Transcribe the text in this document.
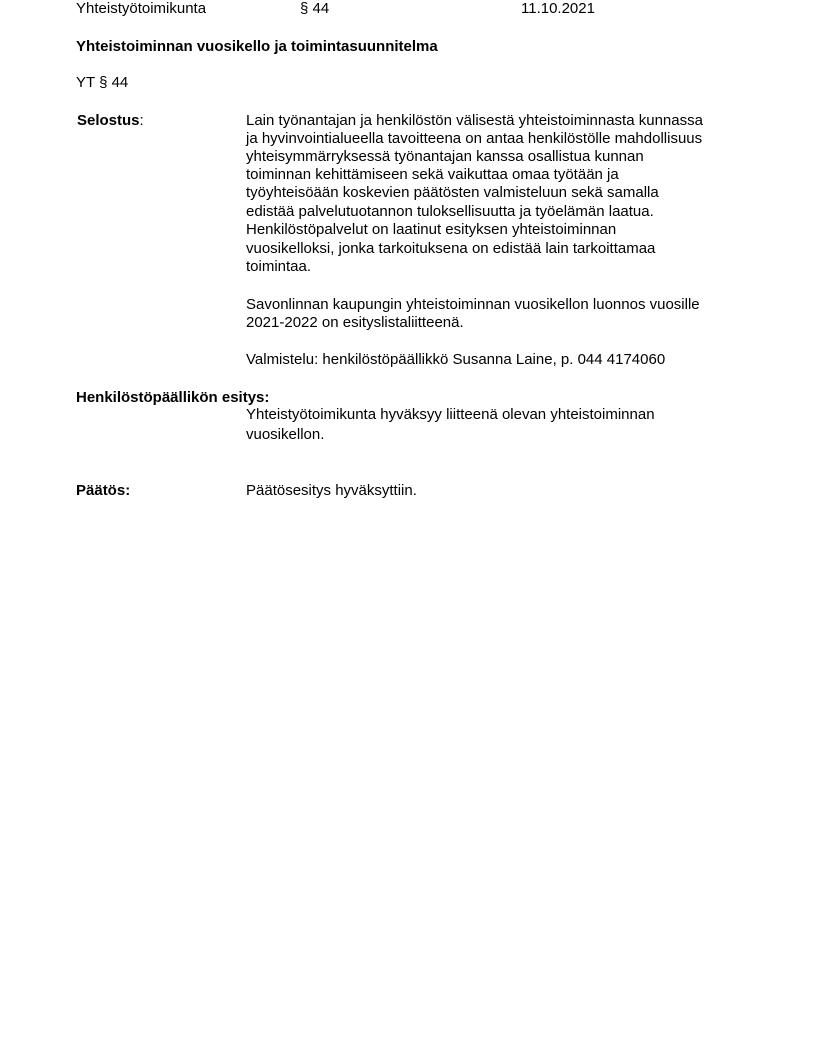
Yhteistyötoimikunta	§ 44	11.10.2021
Yhteistoiminnan vuosikello ja toimintasuunnitelma
YT § 44
Selostus:	Lain työnantajan ja henkilöstön välisestä yhteistoiminnasta kunnassa
ja hyvinvointialueella tavoitteena on antaa henkilöstölle mahdollisuus
yhteisymmärryksessä työnantajan kanssa osallistua kunnan
toiminnan kehittämiseen sekä vaikuttaa omaa työtään ja
työyhteisöään koskevien päätösten valmisteluun sekä samalla
edistää palvelutuotannon tuloksellisuutta ja työelämän laatua.
Henkilöstöpalvelut on laatinut esityksen yhteistoiminnan
vuosikelloksi, jonka tarkoituksena on edistää lain tarkoittamaa
toimintaa.
Savonlinnan kaupungin yhteistoiminnan vuosikellon luonnos vuosille
2021-2022 on esityslistaliitteenä.
Valmistelu: henkilöstöpäällikkö Susanna Laine, p. 044 4174060
Henkilöstöpäällikön esitys:
Yhteistyötoimikunta hyväksyy liitteenä olevan yhteistoiminnan
vuosikellon.
Päätös:	Päätösesitys hyväksyttiin.
